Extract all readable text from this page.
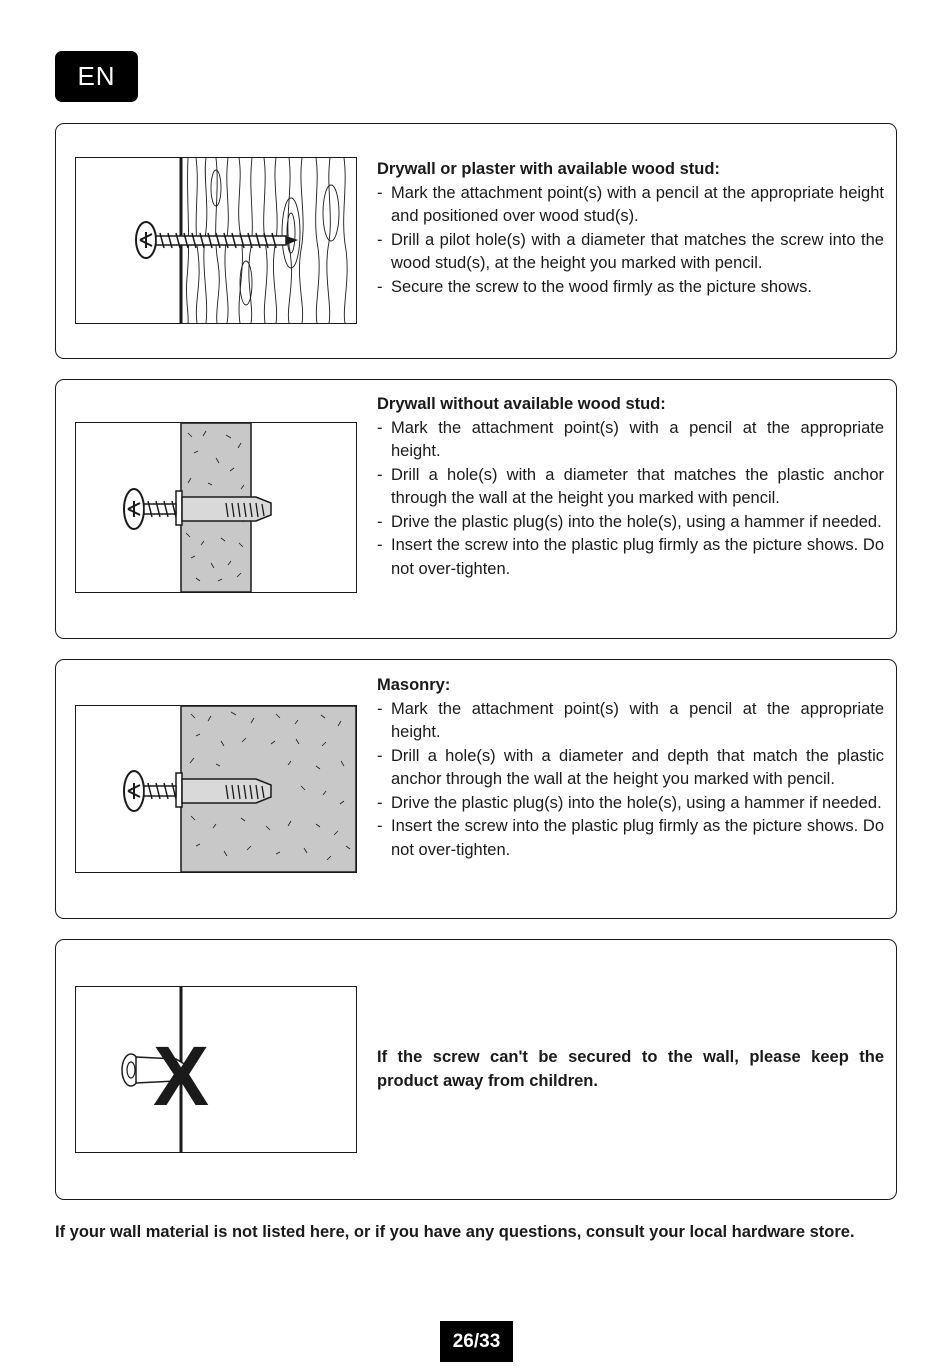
EN

Drywall or plaster with available wood stud:

- Mark the attachment point(s) with a pencil at the appropriate height and positioned over wood stud(s).
- Drill a pilot hole(s) with a diameter that matches the screw into the wood stud(s), at the height you marked with pencil.
- Secure the screw to the wood firmly as the picture shows.

Drywall without available wood stud:

- Mark the attachment point(s) with a pencil at the appropriate height.
- Drill a hole(s) with a diameter that matches the plastic anchor through the wall at the height you marked with pencil.
- Drive the plastic plug(s) into the hole(s), using a hammer if needed.
- Insert the screw into the plastic plug firmly as the picture shows. Do not over-tighten.

Masonry:

- Mark the attachment point(s) with a pencil at the appropriate height.
- Drill a hole(s) with a diameter and depth that match the plastic anchor through the wall at the height you marked with pencil.
- Drive the plastic plug(s) into the hole(s), using a hammer if needed.
- Insert the screw into the plastic plug firmly as the picture shows. Do not over-tighten.
X	If the screw can't be secured to the wall, please keep the product away from children.
If your wall material is not listed here, or if you have any questions, consult your local hardware store.
26/33
